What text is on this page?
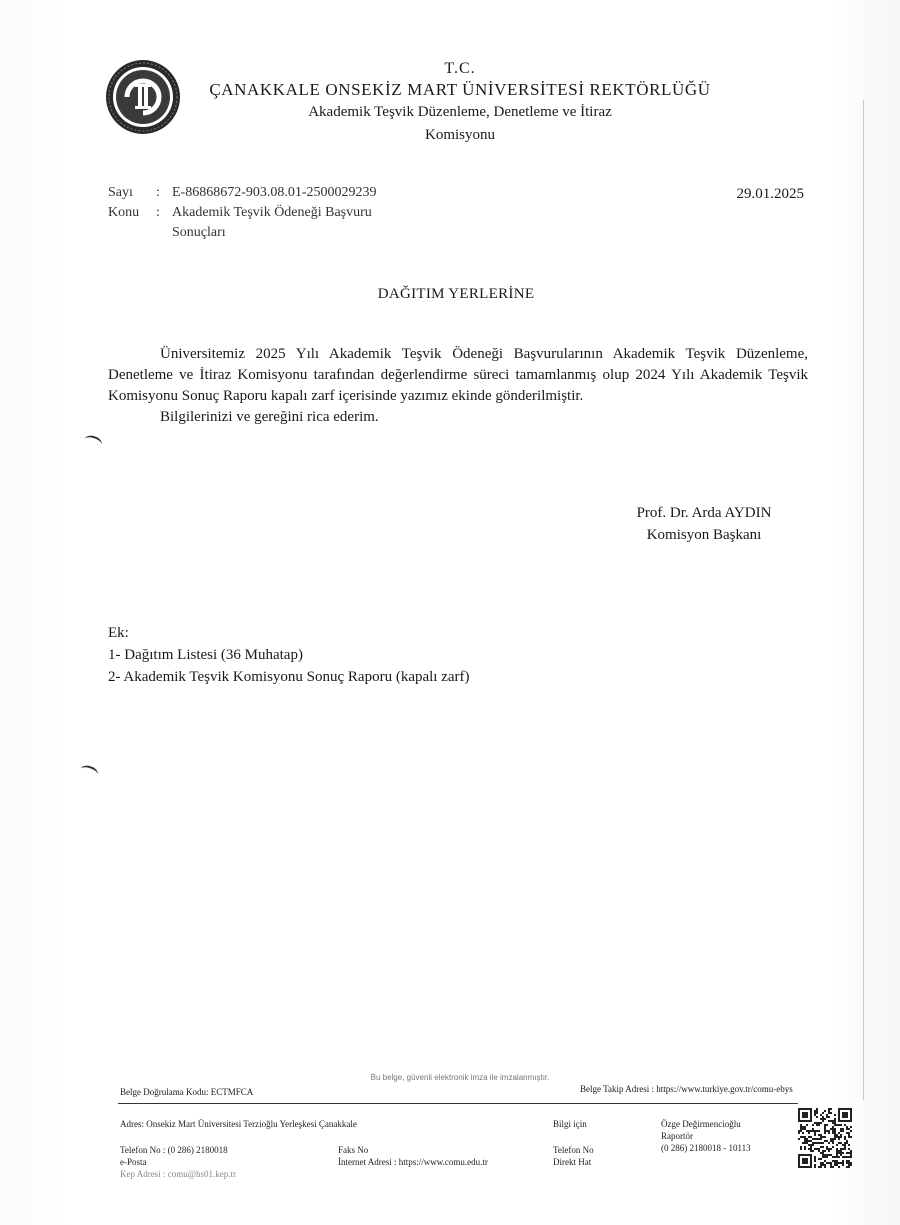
T.C.
ÇANAKKALE ONSEKİZ MART ÜNİVERSİTESİ REKTÖRLÜĞÜ
Akademik Teşvik Düzenleme, Denetleme ve İtiraz
Komisyonu
Sayı	: E-86868672-903.08.01-2500029239
Konu	: Akademik Teşvik Ödeneği Başvuru Sonuçları
29.01.2025
DAĞITIM YERLERİNE

Üniversitemiz 2025 Yılı Akademik Teşvik Ödeneği Başvurularının Akademik Teşvik Düzenleme, Denetleme ve İtiraz Komisyonu tarafından değerlendirme süreci tamamlanmış olup 2024 Yılı Akademik Teşvik Komisyonu Sonuç Raporu kapalı zarf içerisinde yazımız ekinde gönderilmiştir.

Bilgilerinizi ve gereğini rica ederim.

Prof. Dr. Arda AYDIN
Komisyon Başkanı
Ek:
1- Dağıtım Listesi (36 Muhatap)
2- Akademik Teşvik Komisyonu Sonuç Raporu (kapalı zarf)
Bu belge, güvenli elektronik imza ile imzalanmıştır.
Belge Doğrulama Kodu: ECTMFCA	Belge Takip Adresi : https://www.turkiye.gov.tr/comu-ebys
Adres: Onsekiz Mart Üniversitesi Terzioğlu Yerleşkesi Çanakkale
Telefon No : (0 286) 2180018
e-Posta
Kep Adresi : comu@hs01.kep.tr
Faks No
İnternet Adresi : https://www.comu.edu.tr
Bilgi için
Telefon No
Direkt Hat
Özge Değirmencioğlu
Raportör
(0 286) 2180018 - 10113
